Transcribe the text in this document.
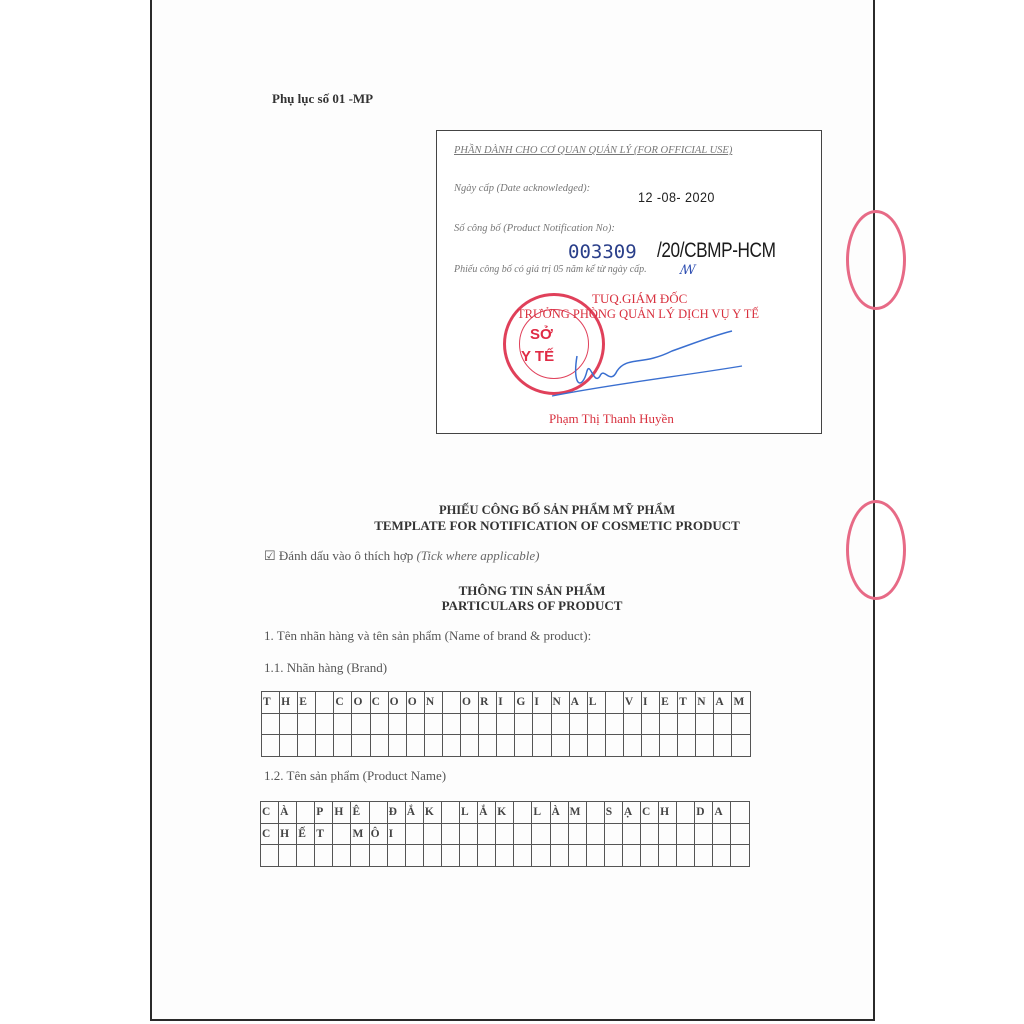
Phụ lục số 01 -MP
PHẦN DÀNH CHO CƠ QUAN QUẢN LÝ (FOR OFFICIAL USE)
Ngày cấp (Date acknowledged):
12 -08- 2020
Số công bố (Product Notification No):
003309 /20/CBMP-HCM
Phiếu công bố có giá trị 05 năm kể từ ngày cấp.	ꟿ
SỞ
Y TẾ
TUQ.GIÁM ĐỐC
TRƯỞNG PHÒNG QUẢN LÝ DỊCH VỤ Y TẾ
Phạm Thị Thanh Huyền
PHIẾU CÔNG BỐ SẢN PHẨM MỸ PHẨM
TEMPLATE FOR NOTIFICATION OF COSMETIC PRODUCT
☑ Đánh dấu vào ô thích hợp (Tick where applicable)
THÔNG TIN SẢN PHẨM
PARTICULARS OF PRODUCT
1. Tên nhãn hàng và tên sản phẩm (Name of brand & product):
1.1. Nhãn hàng (Brand)
T	H	E		C	O	C	O	O	N		O	R	I	G	I	N	A	L		V	I	E	T	N	A	M

1.2. Tên sản phẩm (Product Name)
C	À		P	H	Ê		Đ	Ắ	K		L	Ắ	K		L	À	M		S	Ạ	C	H		D	A	
C	H	Ế	T		M	Ô	I																			
